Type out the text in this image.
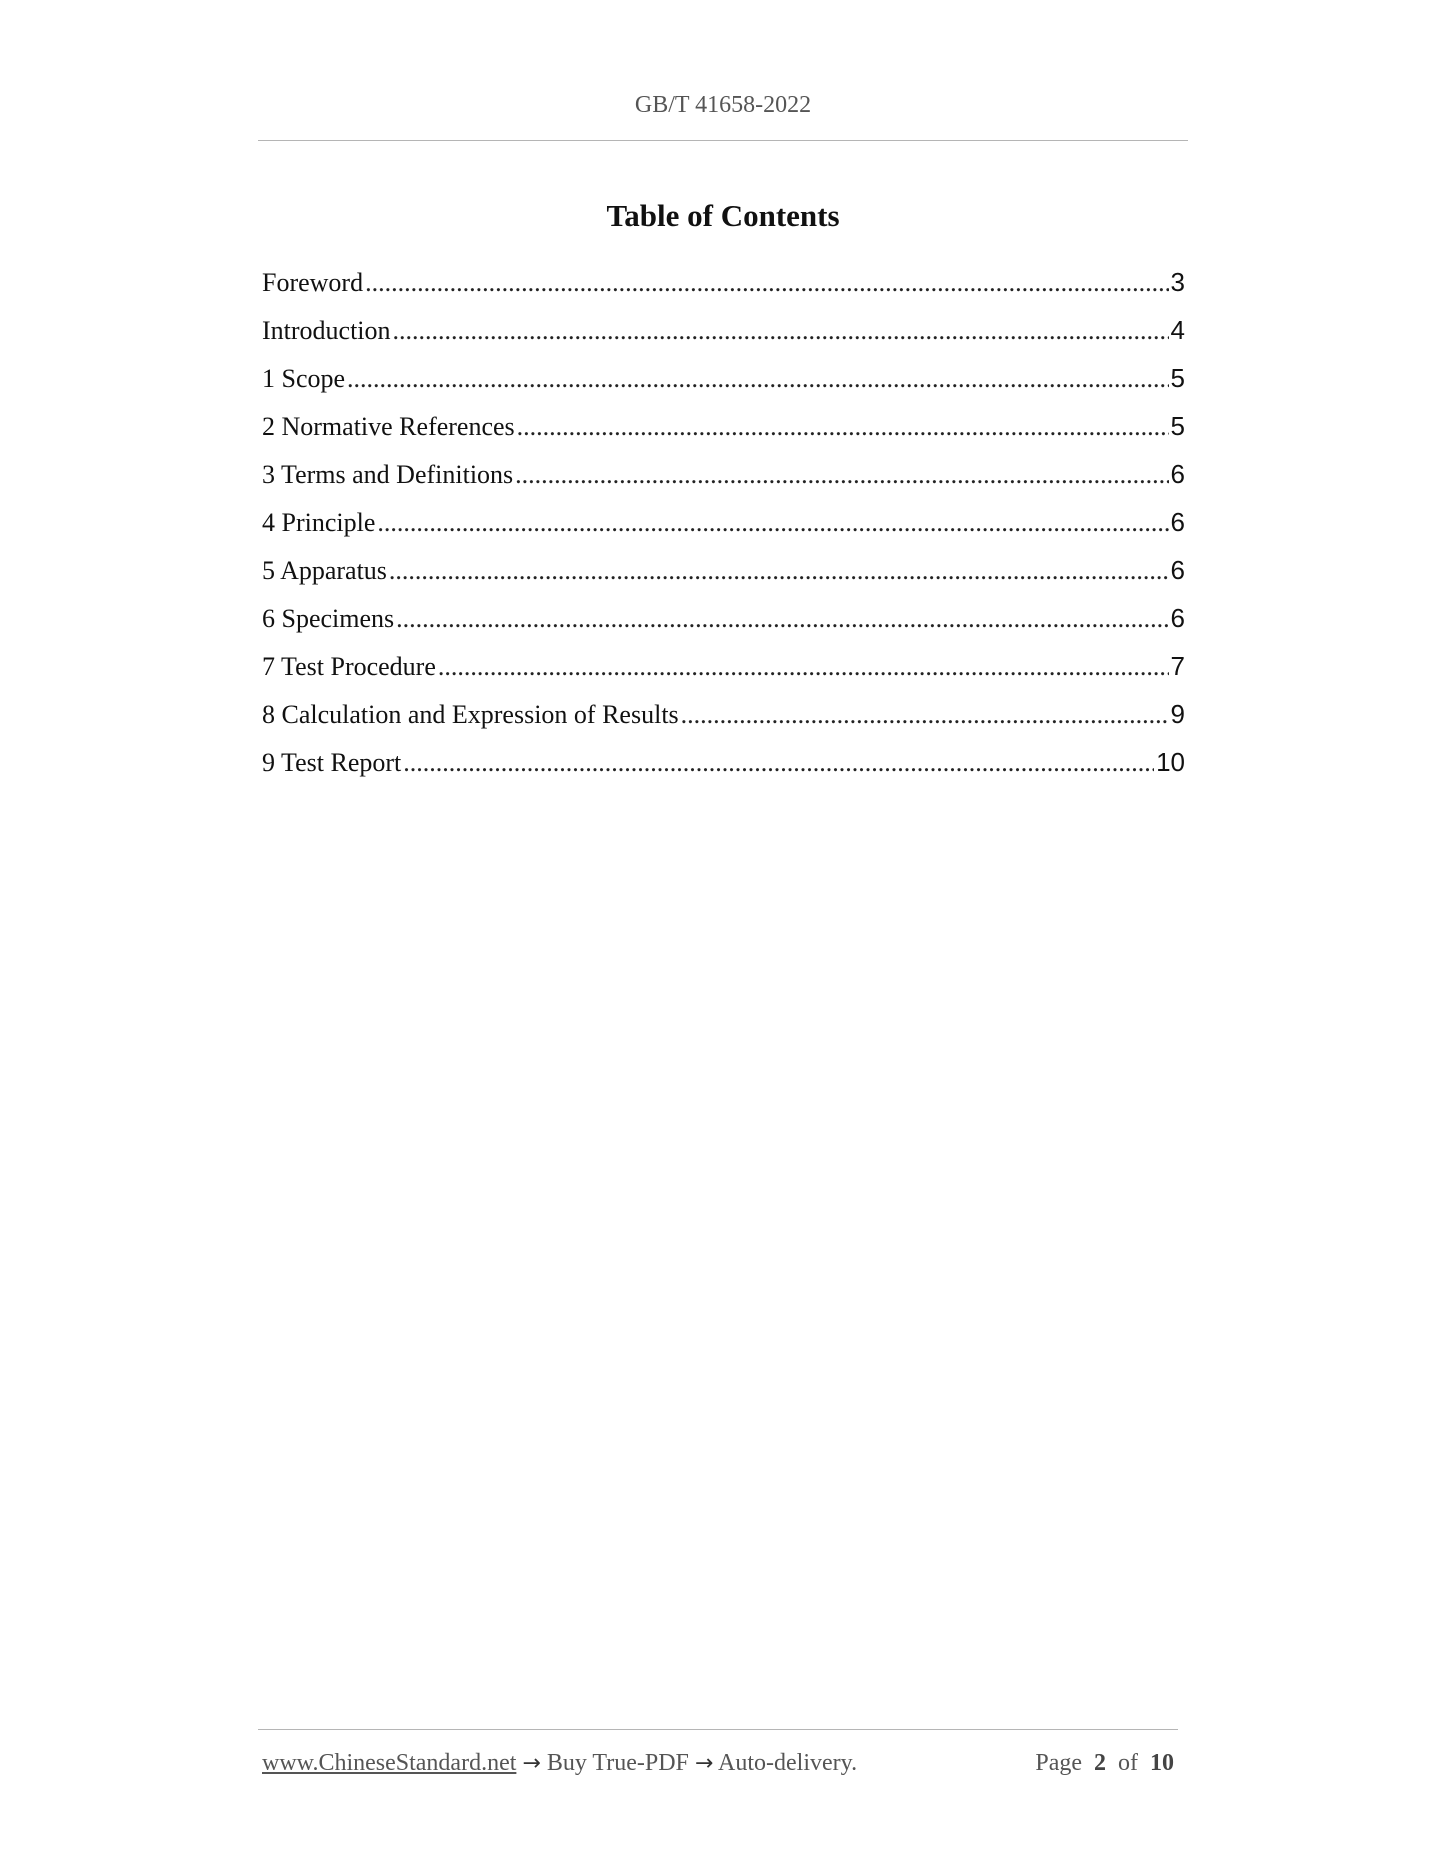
GB/T 41658-2022
Table of Contents
Foreword .....	3
Introduction .....	4
1 Scope .....	5
2 Normative References .....	5
3 Terms and Definitions .....	6
4 Principle .....	6
5 Apparatus .....	6
6 Specimens .....	6
7 Test Procedure .....	7
8 Calculation and Expression of Results .....	9
9 Test Report .....	10
www.ChineseStandard.net → Buy True-PDF → Auto-delivery.	Page 2 of 10
